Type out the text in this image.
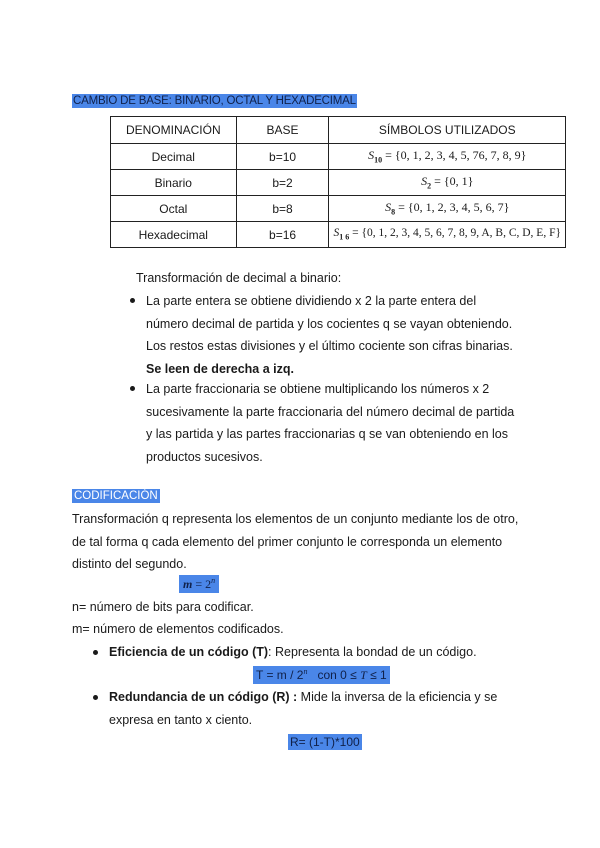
CAMBIO DE BASE: BINARIO, OCTAL Y HEXADECIMAL
DENOMINACIÓN	BASE	SÍMBOLOS UTILIZADOS
Decimal	b=10	$S_{10} = \{0$, 1, 2, 3, 4, 5, 76, 7, 8, 9}
Binario	b=2	$S_2 = \{0$, 1}
Octal	b=8	$S_8 = \{0$, 1, 2, 3, 4, 5, 6, 7}
Hexadecimal	b=16	$S_{1 6} = \{0$, 1, 2, 3, 4, 5, 6, 7, 8, 9, A, B, C, D, E, F}
Transformación de decimal a binario:
La parte entera se obtiene dividiendo x 2 la parte entera del número decimal de partida y los cocientes q se vayan obteniendo. Los restos estas divisiones y el último cociente son cifras binarias. Se leen de derecha a izq.
La parte fraccionaria se obtiene multiplicando los números x 2 sucesivamente la parte fraccionaria del número decimal de partida y las partida y las partes fraccionarias q se van obteniendo en los productos sucesivos.
CODIFICACIÓN
Transformación q representa los elementos de un conjunto mediante los de otro, de tal forma q cada elemento del primer conjunto le corresponda un elemento distinto del segundo.
$m = 2^n$
n= número de bits para codificar.
m= número de elementos codificados.
Eficiencia de un código (T): Representa la bondad de un código.
T = m / 2$^n$   con 0 ≤ T ≤ 1
Redundancia de un código (R) : Mide la inversa de la eficiencia y se expresa en tanto x ciento.
R= (1-T)*100
